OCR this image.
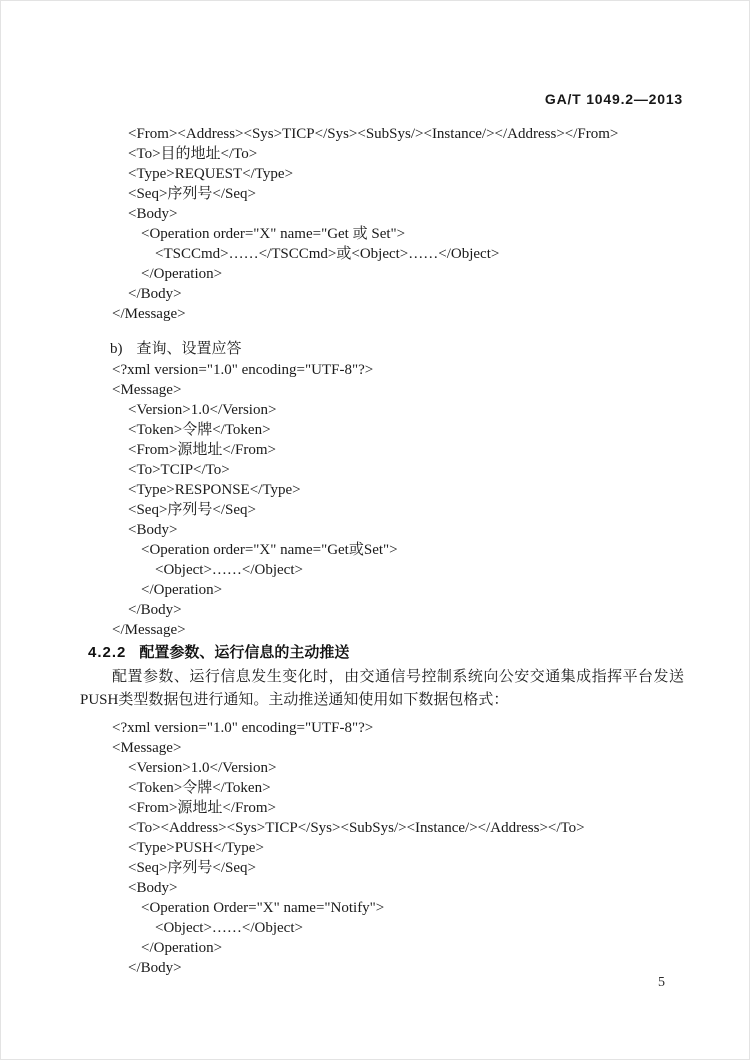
GA/T 1049.2—2013
<From><Address><Sys>TICP</Sys><SubSys/><Instance/></Address></From>
<To>目的地址</To>
<Type>REQUEST</Type>
<Seq>序列号</Seq>
<Body>
<Operation order="X" name="Get 或 Set">
<TSCCmd>……</TSCCmd>或<Object>……</Object>
</Operation>
</Body>
</Message>
b) 查询、设置应答
<?xml version="1.0" encoding="UTF-8"?>
<Message>
<Version>1.0</Version>
<Token>令牌</Token>
<From>源地址</From>
<To>TCIP</To>
<Type>RESPONSE</Type>
<Seq>序列号</Seq>
<Body>
<Operation order="X" name="Get或Set">
<Object>……</Object>
</Operation>
</Body>
</Message>
4.2.2 配置参数、运行信息的主动推送

配置参数、运行信息发生变化时，由交通信号控制系统向公安交通集成指挥平台发送PUSH类型数据包进行通知。主动推送通知使用如下数据包格式：

<?xml version="1.0" encoding="UTF-8"?>
<Message>
<Version>1.0</Version>
<Token>令牌</Token>
<From>源地址</From>
<To><Address><Sys>TICP</Sys><SubSys/><Instance/></Address></To>
<Type>PUSH</Type>
<Seq>序列号</Seq>
<Body>
<Operation Order="X" name="Notify">
<Object>……</Object>
</Operation>
</Body>
5
